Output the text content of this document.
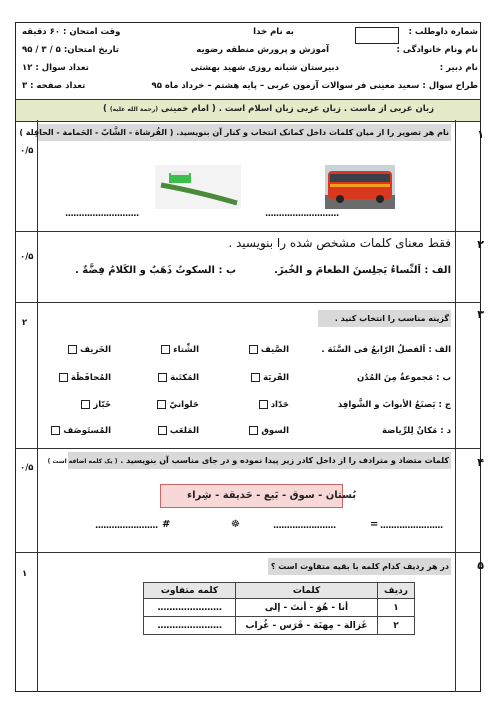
شماره داوطلب :
به نام خدا
وقت امتحان : ۶۰ دقیقه
نام ونام خانوادگی :
آموزش و پرورش منطقه رضویه
تاریخ امتحان: ۵ / ۳ / ۹۵
نام دبیر :
دبیرستان شبانه روزی شهید بهشتی
تعداد سوال : ۱۲
طراح سوال : سعید معینی فر
سوالات آزمون عربی – پایه هشتم – خرداد ماه ۹۵
تعداد صفحه : ۳
زبان عربی از ماست . زبان عربی زبان اسلام است . ( امام خمینی (رحمة الله علیه) )
۱
۰/۵
نام هر تصویر را از میان کلمات داخل کمانک انتخاب و کنار آن بنویسید. ( الفُرشاة - الشَّابّ - الحَمامة - الحافِلة )
...........................
...........................
۲
۰/۵
فقط معنای کلمات مشخص شده را بنویسید .
الف : اَلنِّساءُ يَجلِسنَ الطعامَ و الخُبزَ.
ب : السکوتُ ذَهَبٌ و الکَلامُ فِضَّةٌ .
۳
۲	گزینه مناسب را انتخاب کنید .
الف : اَلفصلُ الرّابعُ فی السَّنَة .
الصَّيف
الشِّتاء
الخَريف
ب : مَجموعةٌ مِنَ المُدُن
القَريَة
المَكتَبة
المُحافَظَة
ج : يَصنَعُ الأبوابَ و الشَّوافِذ
حَدّاد
حَلوانيّ
خَبّاز
د : مَکانٌ لِلرِّياضة
السوق
المَلعَب
المُستَوصَف
۴
۰/۵
کلمات متضاد و مترادف را از داخل کادر زیر پیدا نموده و در جای مناسب آن بنویسید . ( یک کلمه اضافه است )
بُستان - سوق - بَيع - حَديقة - شِراء
.......................
=
.......................
☸
#
.......................
۵
۱
در هر ردیف کدام کلمه با بقیه متفاوت است ؟
ردیف	کلمات	کلمه متفاوت
۱	أنا - هُوَ - أنتَ - إلی	......................
۲	غَزالة - مِهنَة - فَرَس - غُراب	......................
